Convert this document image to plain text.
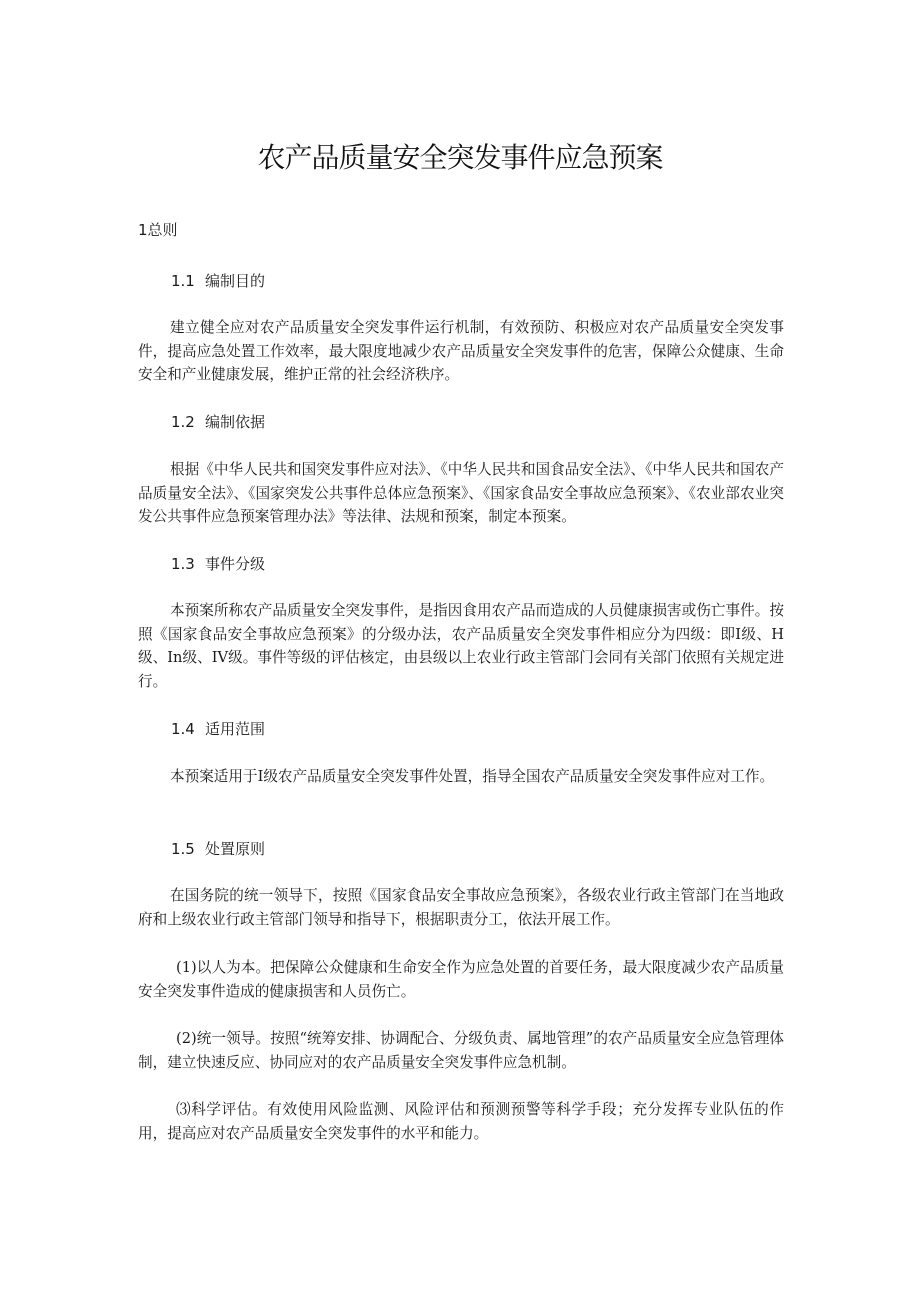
农产品质量安全突发事件应急预案
1总则
1.1 编制目的

建立健全应对农产品质量安全突发事件运行机制，有效预防、积极应对农产品质量安全突发事件，提高应急处置工作效率，最大限度地减少农产品质量安全突发事件的危害，保障公众健康、生命安全和产业健康发展，维护正常的社会经济秩序。

1.2 编制依据

根据《中华人民共和国突发事件应对法》、《中华人民共和国食品安全法》、《中华人民共和国农产品质量安全法》、《国家突发公共事件总体应急预案》、《国家食品安全事故应急预案》、《农业部农业突发公共事件应急预案管理办法》等法律、法规和预案，制定本预案。

1.3 事件分级

本预案所称农产品质量安全突发事件，是指因食用农产品而造成的人员健康损害或伤亡事件。按照《国家食品安全事故应急预案》的分级办法，农产品质量安全突发事件相应分为四级：即I级、H级、In级、IV级。事件等级的评估核定，由县级以上农业行政主管部门会同有关部门依照有关规定进行。

1.4 适用范围

本预案适用于I级农产品质量安全突发事件处置，指导全国农产品质量安全突发事件应对工作。

1.5 处置原则

在国务院的统一领导下，按照《国家食品安全事故应急预案》，各级农业行政主管部门在当地政府和上级农业行政主管部门领导和指导下，根据职责分工，依法开展工作。

(1)以人为本。把保障公众健康和生命安全作为应急处置的首要任务，最大限度减少农产品质量安全突发事件造成的健康损害和人员伤亡。

(2)统一领导。按照“统筹安排、协调配合、分级负责、属地管理”的农产品质量安全应急管理体制，建立快速反应、协同应对的农产品质量安全突发事件应急机制。

⑶科学评估。有效使用风险监测、风险评估和预测预警等科学手段；充分发挥专业队伍的作用，提高应对农产品质量安全突发事件的水平和能力。
